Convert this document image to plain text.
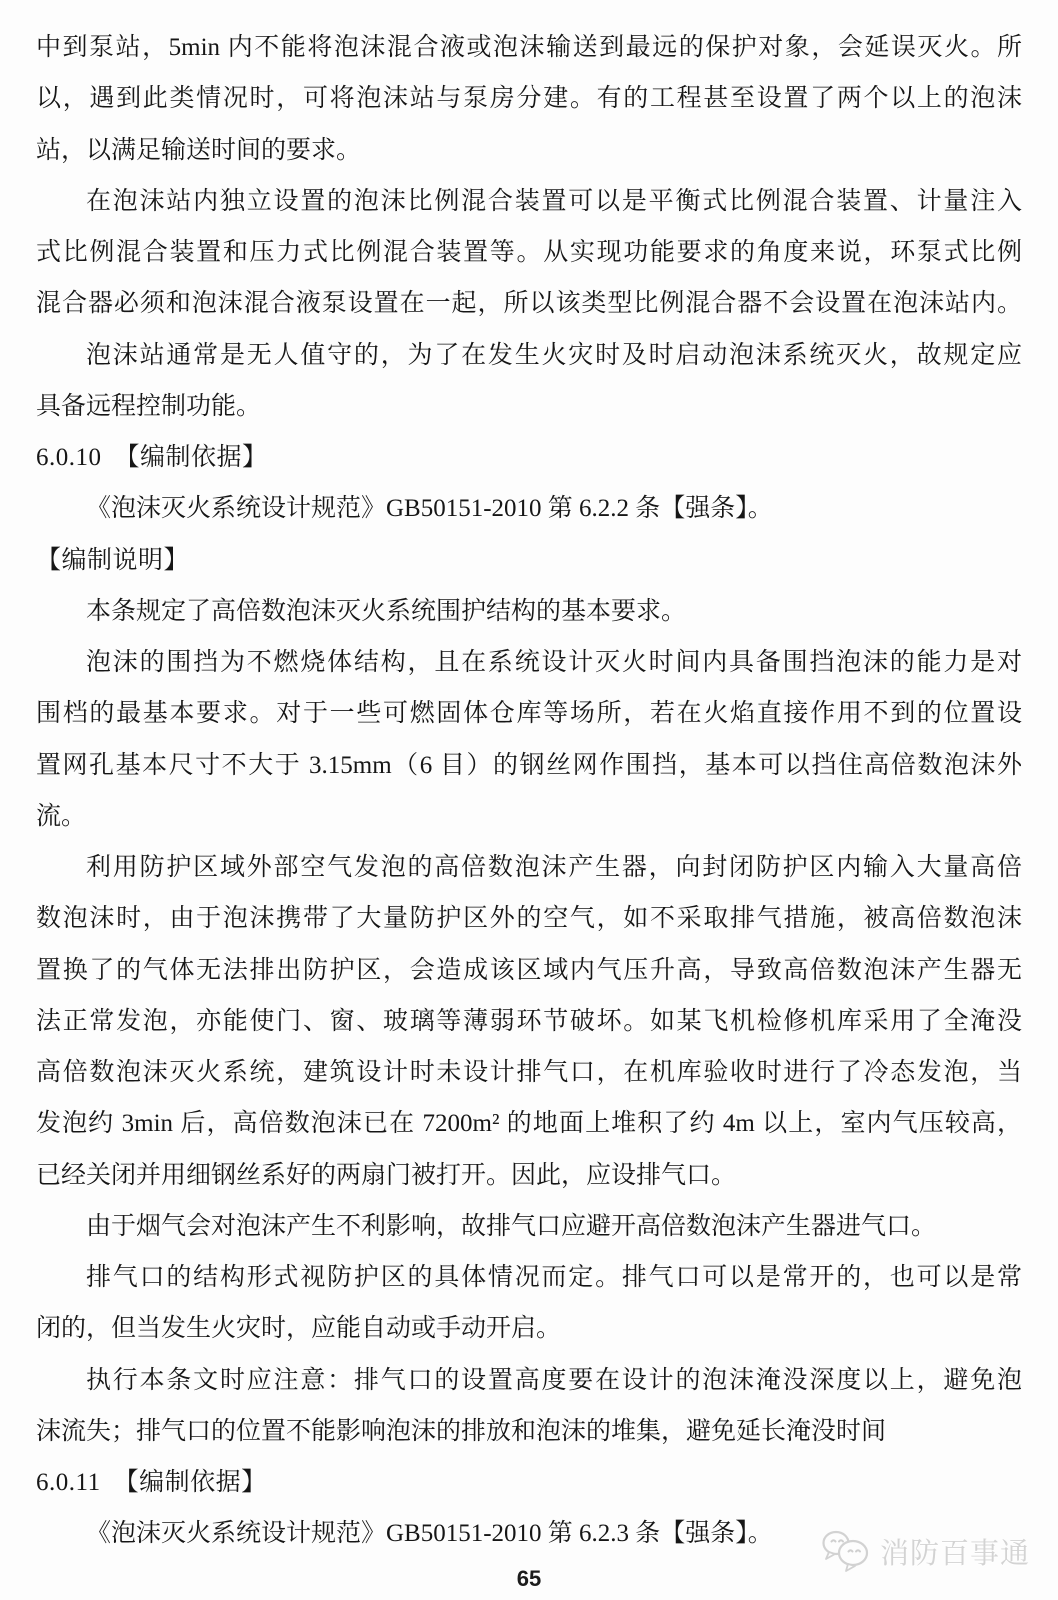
中到泵站，5min 内不能将泡沫混合液或泡沫输送到最远的保护对象，会延误灭火。所
以，遇到此类情况时，可将泡沫站与泵房分建。有的工程甚至设置了两个以上的泡沫
站，以满足输送时间的要求。
在泡沫站内独立设置的泡沫比例混合装置可以是平衡式比例混合装置、计量注入
式比例混合装置和压力式比例混合装置等。从实现功能要求的角度来说，环泵式比例
混合器必须和泡沫混合液泵设置在一起，所以该类型比例混合器不会设置在泡沫站内。
泡沫站通常是无人值守的，为了在发生火灾时及时启动泡沫系统灭火，故规定应
具备远程控制功能。
6.0.10　【编制依据】
《泡沫灭火系统设计规范》GB50151-2010 第 6.2.2 条【强条】。
【编制说明】
本条规定了高倍数泡沫灭火系统围护结构的基本要求。
泡沫的围挡为不燃烧体结构，且在系统设计灭火时间内具备围挡泡沫的能力是对
围档的最基本要求。对于一些可燃固体仓库等场所，若在火焰直接作用不到的位置设
置网孔基本尺寸不大于 3.15mm（6 目）的钢丝网作围挡，基本可以挡住高倍数泡沫外
流。
利用防护区域外部空气发泡的高倍数泡沫产生器，向封闭防护区内输入大量高倍
数泡沫时，由于泡沫携带了大量防护区外的空气，如不采取排气措施，被高倍数泡沫
置换了的气体无法排出防护区，会造成该区域内气压升高，导致高倍数泡沫产生器无
法正常发泡，亦能使门、窗、玻璃等薄弱环节破坏。如某飞机检修机库采用了全淹没
高倍数泡沫灭火系统，建筑设计时未设计排气口，在机库验收时进行了冷态发泡，当
发泡约 3min 后，高倍数泡沫已在 7200m² 的地面上堆积了约 4m 以上，室内气压较高，
已经关闭并用细钢丝系好的两扇门被打开。因此，应设排气口。
由于烟气会对泡沫产生不利影响，故排气口应避开高倍数泡沫产生器进气口。
排气口的结构形式视防护区的具体情况而定。排气口可以是常开的，也可以是常
闭的，但当发生火灾时，应能自动或手动开启。
执行本条文时应注意：排气口的设置高度要在设计的泡沫淹没深度以上，避免泡
沫流失；排气口的位置不能影响泡沫的排放和泡沫的堆集，避免延长淹没时间
6.0.11　【编制依据】
《泡沫灭火系统设计规范》GB50151-2010 第 6.2.3 条【强条】。
消防百事通
65
